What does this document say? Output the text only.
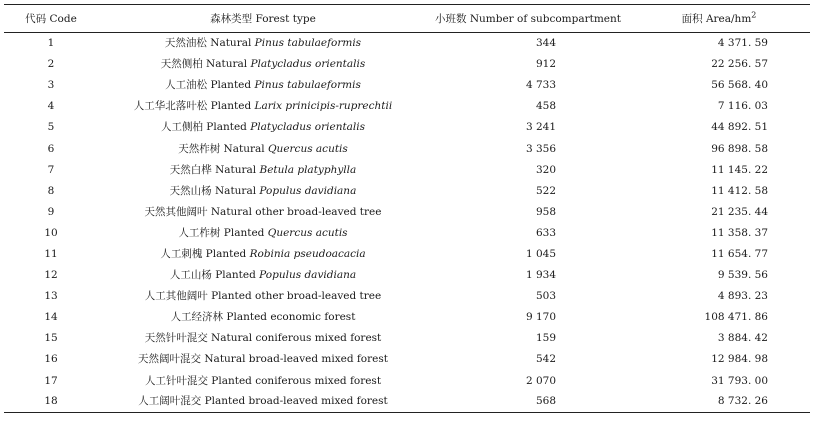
代码 Code	森林类型 Forest type	小班数 Number of subcompartment	面积 Area/$hm^2$
1	天然油松 Natural Pinus tabulaeformis	344	4 371. 59
2	天然侧柏 Natural Platycladus orientalis	912	22 256. 57
3	人工油松 Planted Pinus tabulaeformis	4 733	56 568. 40
4	人工华北落叶松 Planted Larix prinicipis-ruprechtii	458	7 116. 03
5	人工侧柏 Planted Platycladus orientalis	3 241	44 892. 51
6	天然柞树 Natural Quercus acutis	3 356	96 898. 58
7	天然白桦 Natural Betula platyphylla	320	11 145. 22
8	天然山杨 Natural Populus davidiana	522	11 412. 58
9	天然其他阔叶 Natural other broad-leaved tree	958	21 235. 44
10	人工柞树 Planted Quercus acutis	633	11 358. 37
11	人工刺槐 Planted Robinia pseudoacacia	1 045	11 654. 77
12	人工山杨 Planted Populus davidiana	1 934	9 539. 56
13	人工其他阔叶 Planted other broad-leaved tree	503	4 893. 23
14	人工经济林 Planted economic forest	9 170	108 471. 86
15	天然针叶混交 Natural coniferous mixed forest	159	3 884. 42
16	天然阔叶混交 Natural broad-leaved mixed forest	542	12 984. 98
17	人工针叶混交 Planted coniferous mixed forest	2 070	31 793. 00
18	人工阔叶混交 Planted broad-leaved mixed forest	568	8 732. 26
